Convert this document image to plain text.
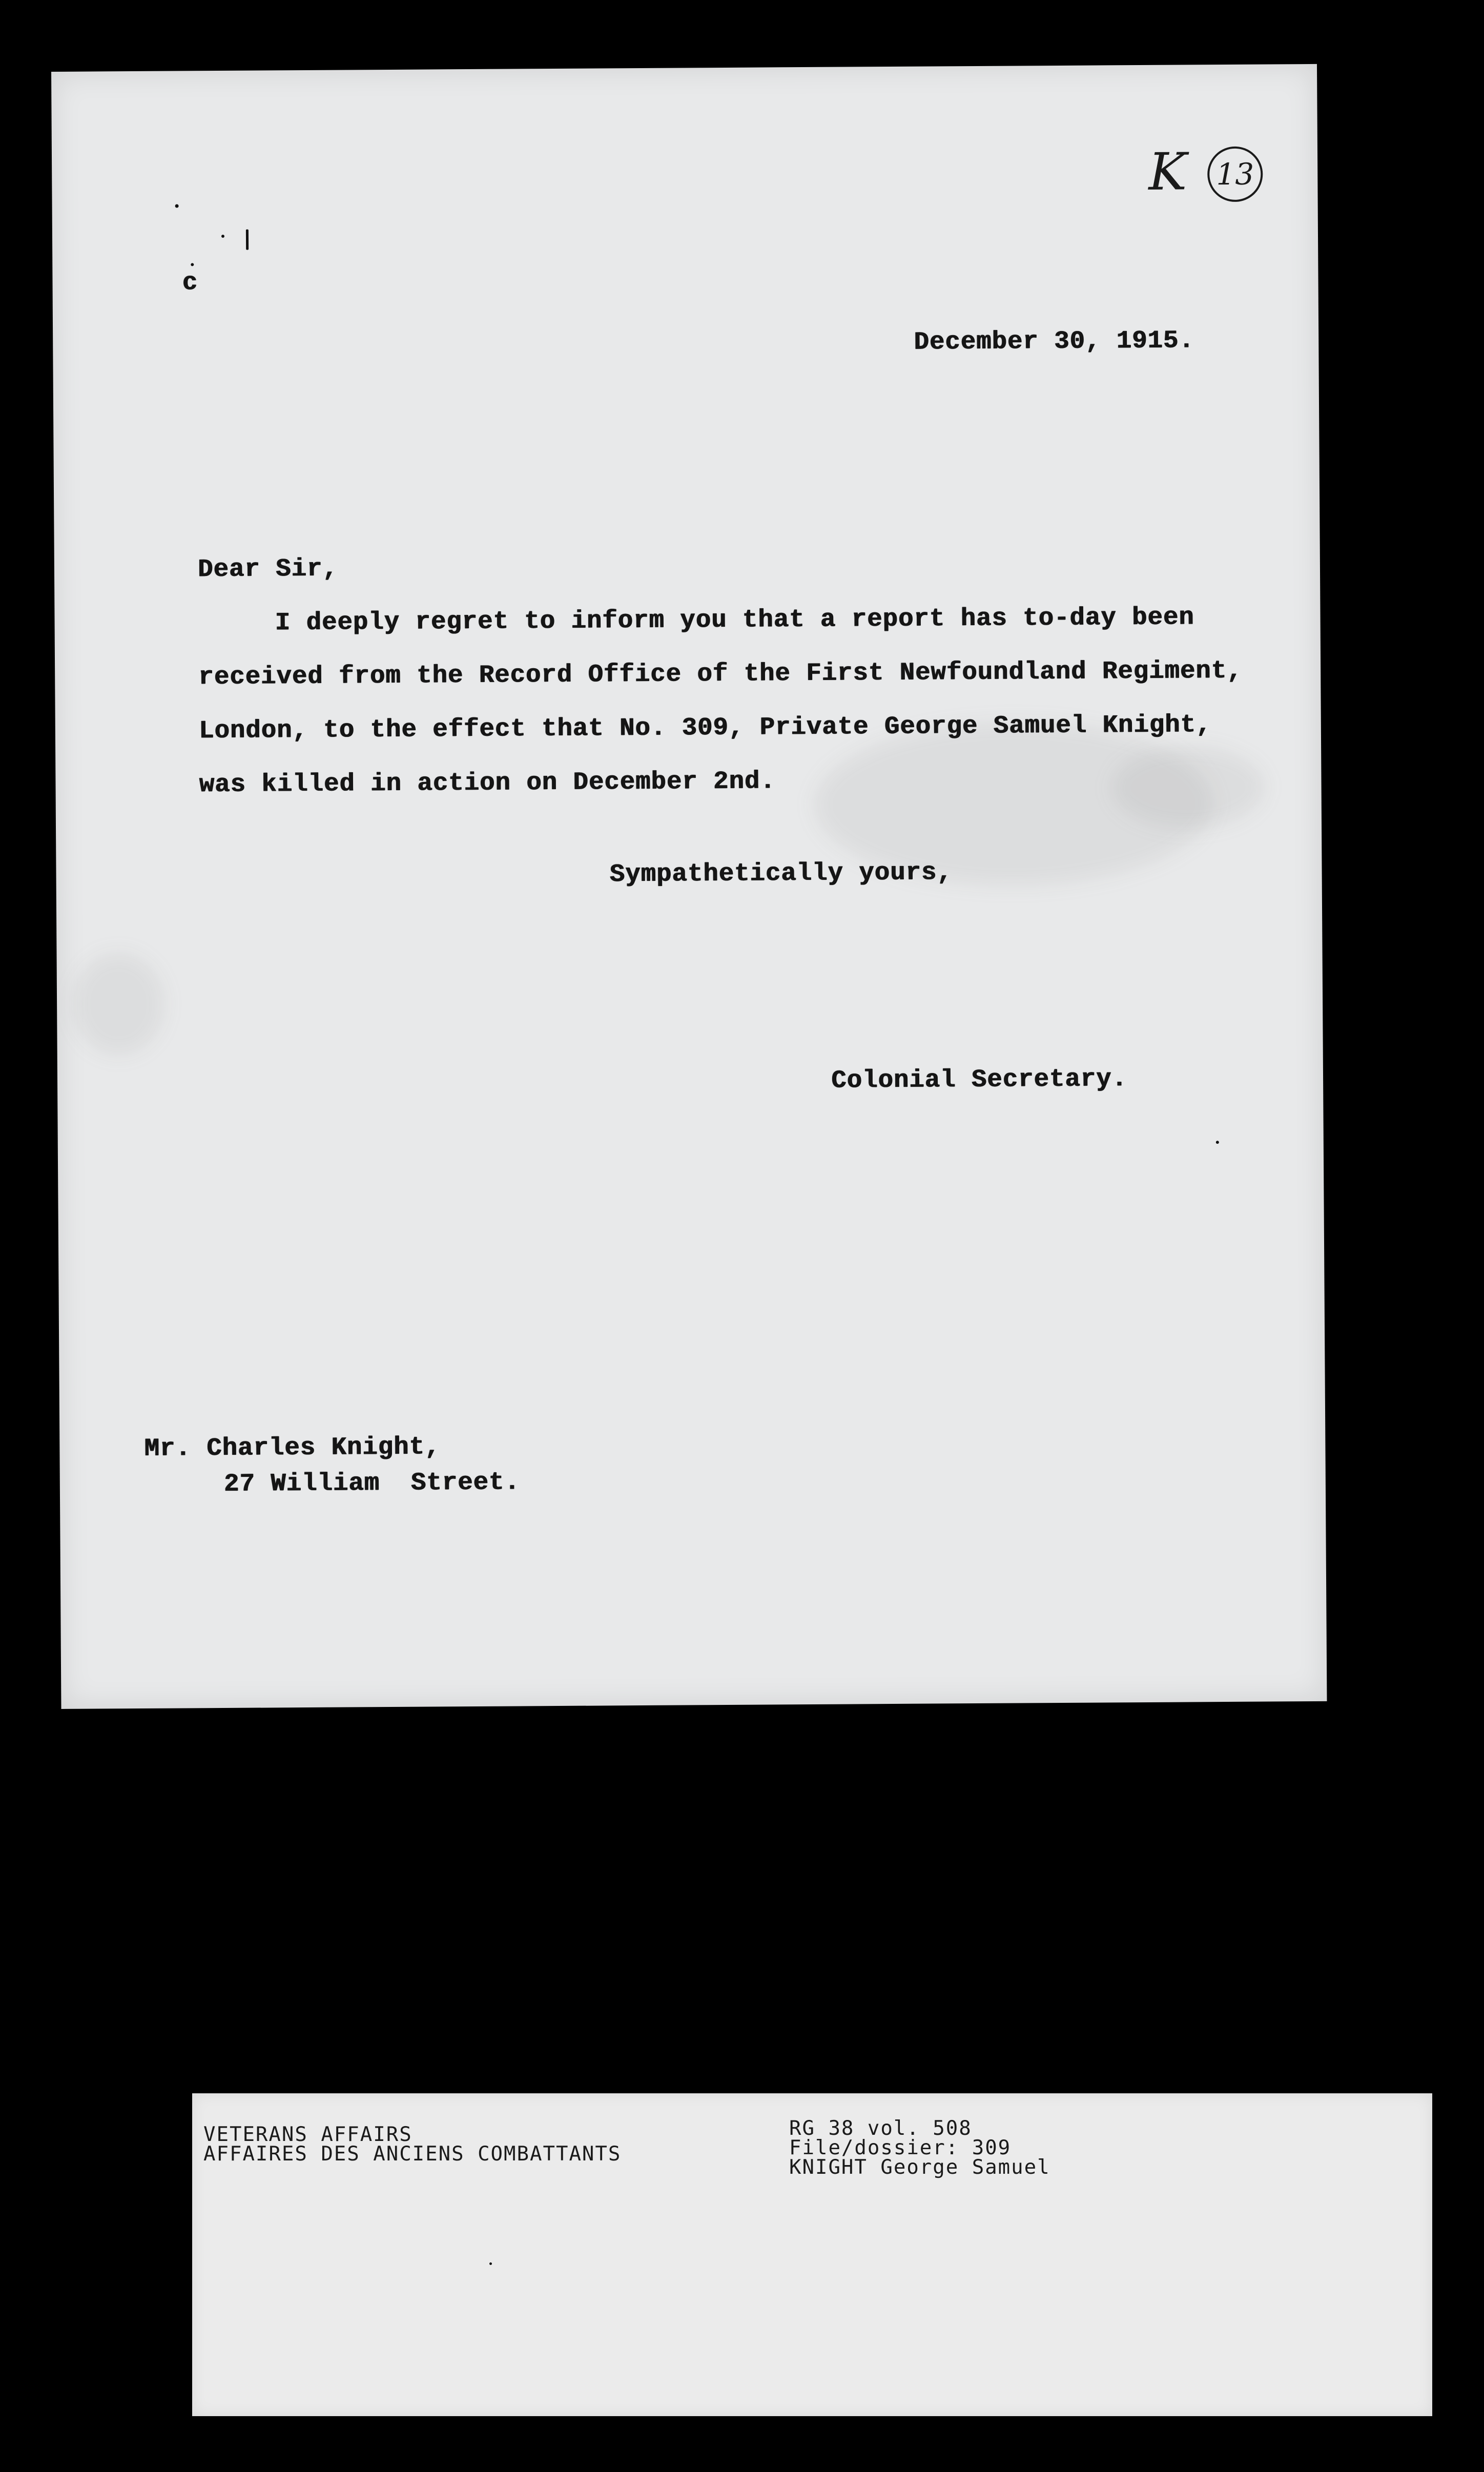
K 13
c
December 30, 1915.
Dear Sir,
I deeply regret to inform you that a report has to-day been
received from the Record Office of the First Newfoundland Regiment,
London, to the effect that No. 309, Private George Samuel Knight,
was killed in action on December 2nd.
Sympathetically yours,
Colonial Secretary.
Mr. Charles Knight,
27 William  Street.
VETERANS AFFAIRS
AFFAIRES DES ANCIENS COMBATTANTS
RG 38 vol. 508
File/dossier: 309
KNIGHT George Samuel
